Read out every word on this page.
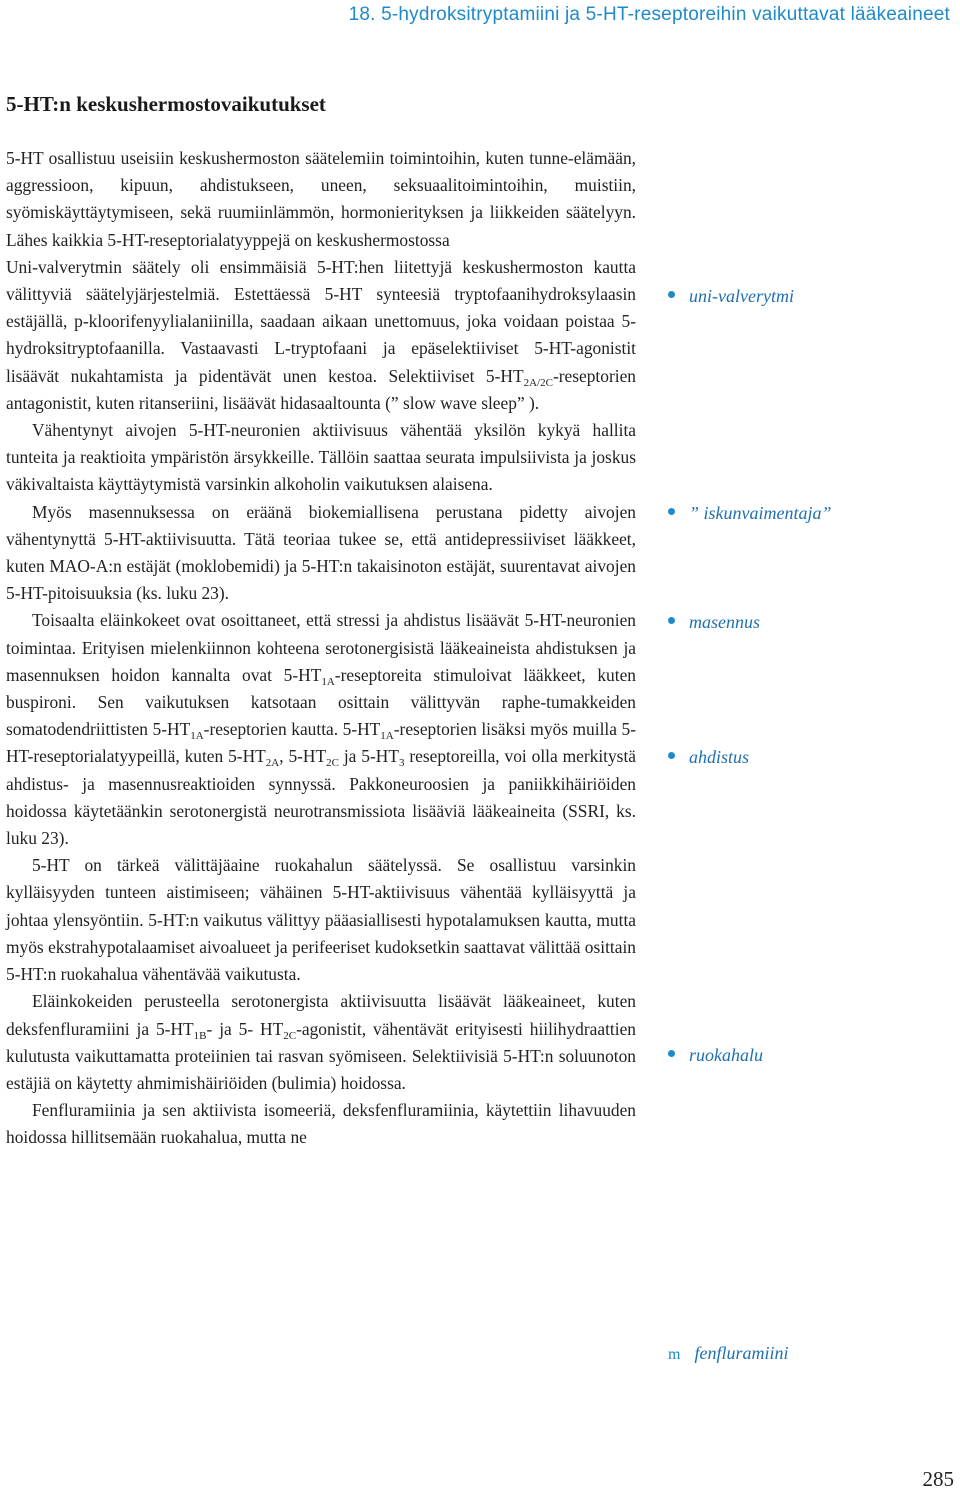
18. 5-hydroksitryptamiini ja 5-HT-reseptoreihin vaikuttavat lääkeaineet
5-HT:n keskushermostovaikutukset

5-HT osallistuu useisiin keskushermoston säätelemiin toimintoihin, kuten tunne-elämään, aggressioon, kipuun, ahdistukseen, uneen, seksuaalitoimintoihin, muistiin, syömiskäyttäytymiseen, sekä ruumiinlämmön, hormonierityksen ja liikkeiden säätelyyn. Lähes kaikkia 5-HT-reseptorialatyyppejä on keskushermostossa

Uni-valverytmin säätely oli ensimmäisiä 5-HT:hen liitettyjä keskushermoston kautta välittyviä säätelyjärjestelmiä. Estettäessä 5-HT synteesiä tryptofaanihydroksylaasin estäjällä, p-kloorifenyylialaniinilla, saadaan aikaan unettomuus, joka voidaan poistaa 5-hydroksitryptofaanilla. Vastaavasti L-tryptofaani ja epäselektiiviset 5-HT-agonistit lisäävät nukahtamista ja pidentävät unen kestoa. Selektiiviset $5-HT_{2A/2C}$-reseptorien antagonistit, kuten ritanseriini, lisäävät hidasaaltounta (” slow wave sleep” ).

Vähentynyt aivojen 5-HT-neuronien aktiivisuus vähentää yksilön kykyä hallita tunteita ja reaktioita ympäristön ärsykkeille. Tällöin saattaa seurata impulsiivista ja joskus väkivaltaista käyttäytymistä varsinkin alkoholin vaikutuksen alaisena.

Myös masennuksessa on eräänä biokemiallisena perustana pidetty aivojen vähentynyttä 5-HT-aktiivisuutta. Tätä teoriaa tukee se, että antidepressiiviset lääkkeet, kuten MAO-A:n estäjät (moklobemidi) ja 5-HT:n takaisinoton estäjät, suurentavat aivojen 5-HT-pitoisuuksia (ks. luku 23).

Toisaalta eläinkokeet ovat osoittaneet, että stressi ja ahdistus lisäävät 5-HT-neuronien toimintaa. Erityisen mielenkiinnon kohteena serotonergisistä lääkeaineista ahdistuksen ja masennuksen hoidon kannalta ovat $5-HT_{1A}$-reseptoreita stimuloivat lääkkeet, kuten buspironi. Sen vaikutuksen katsotaan osittain välittyvän raphe-tumakkeiden somatodendriittisten $5-HT_{1A}$-reseptorien kautta. $5-HT_{1A}$-reseptorien lisäksi myös muilla 5-HT-reseptorialatyypeillä, kuten $5-HT_{2A}$, $5-HT_{2C}$ ja $5-HT_3$ reseptoreilla, voi olla merkitystä ahdistus- ja masennusreaktioiden synnyssä. Pakkoneuroosien ja paniikkihäiriöiden hoidossa käytetäänkin serotonergistä neurotransmissiota lisääviä lääkeaineita (SSRI, ks. luku 23).

5-HT on tärkeä välittäjäaine ruokahalun säätelyssä. Se osallistuu varsinkin kylläisyyden tunteen aistimiseen; vähäinen 5-HT-aktiivisuus vähentää kylläisyyttä ja johtaa ylensyöntiin. 5-HT:n vaikutus välittyy pääasiallisesti hypotalamuksen kautta, mutta myös ekstrahypotalaamiset aivoalueet ja perifeeriset kudoksetkin saattavat välittää osittain 5-HT:n ruokahalua vähentävää vaikutusta.

Eläinkokeiden perusteella serotonergista aktiivisuutta lisäävät lääkeaineet, kuten deksfenfluramiini ja $5-HT_{1B}-$ ja 5- $HT_{2C}$-agonistit, vähentävät erityisesti hiilihydraattien kulutusta vaikuttamatta proteiinien tai rasvan syömiseen. Selektiivisiä 5-HT:n soluunoton estäjiä on käytetty ahmimishäiriöiden (bulimia) hoidossa.

Fenfluramiinia ja sen aktiivista isomeeriä, deksfenfluramiinia, käytettiin lihavuuden hoidossa hillitsemään ruokahalua, mutta ne

uni-valverytmi
” iskunvaimentaja”
masennus
ahdistus
ruokahalu
m fenfluramiini
285
